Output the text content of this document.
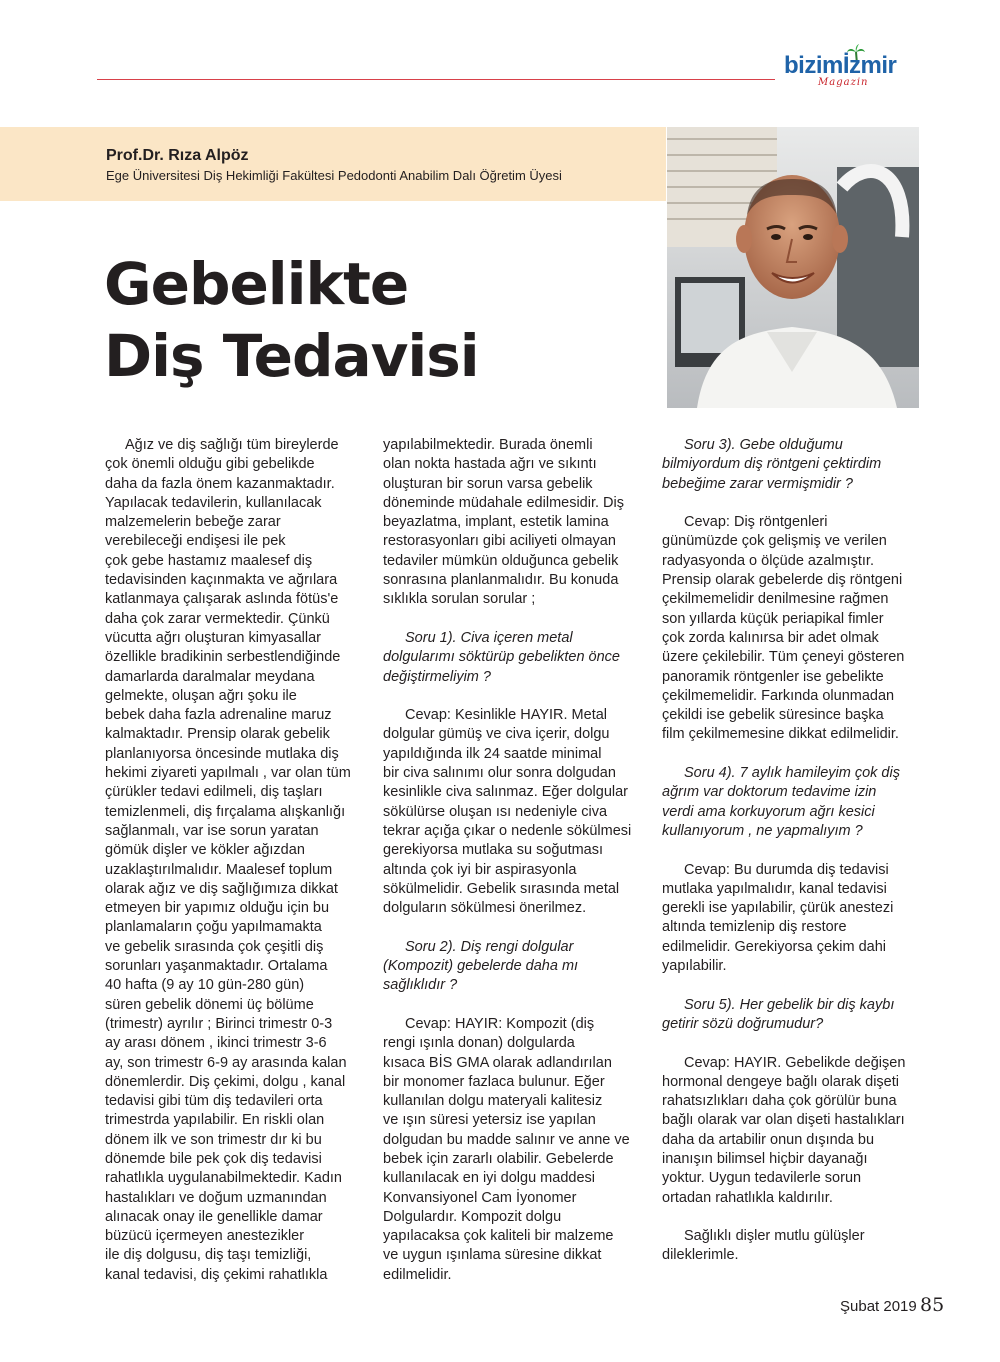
bizimİzmir
Magazin
Prof.Dr. Rıza Alpöz
Ege Üniversitesi Diş Hekimliği Fakültesi Pedodonti Anabilim Dalı Öğretim Üyesi
Gebelikte
Diş Tedavisi

Ağız ve diş sağlığı tüm bireylerde

çok önemli olduğu gibi gebelikde

daha da fazla önem kazanmaktadır.

Yapılacak tedavilerin, kullanılacak

malzemelerin bebeğe zarar

verebileceği endişesi ile pek

çok gebe hastamız maalesef diş

tedavisinden kaçınmakta ve ağrılara

katlanmaya çalışarak aslında fötüs'e

daha çok zarar vermektedir. Çünkü

vücutta ağrı oluşturan kimyasallar

özellikle bradikinin serbestlendiğinde

damarlarda daralmalar meydana

gelmekte, oluşan ağrı şoku ile

bebek daha fazla adrenaline maruz

kalmaktadır. Prensip olarak gebelik

planlanıyorsa öncesinde mutlaka diş

hekimi ziyareti yapılmalı , var olan tüm

çürükler tedavi edilmeli, diş taşları

temizlenmeli, diş fırçalama alışkanlığı

sağlanmalı, var ise sorun yaratan

gömük dişler ve kökler ağızdan

uzaklaştırılmalıdır. Maalesef toplum

olarak ağız ve diş sağlığımıza dikkat

etmeyen bir yapımız olduğu için bu

planlamaların çoğu yapılmamakta

ve gebelik sırasında çok çeşitli diş

sorunları yaşanmaktadır. Ortalama

40 hafta (9 ay 10 gün-280 gün)

süren gebelik dönemi üç bölüme

(trimestr) ayrılır ; Birinci trimestr 0-3

ay arası dönem , ikinci trimestr 3-6

ay, son trimestr 6-9 ay arasında kalan

dönemlerdir. Diş çekimi, dolgu , kanal

tedavisi gibi tüm diş tedavileri orta

trimestrda yapılabilir. En riskli olan

dönem ilk ve son trimestr dır ki bu

dönemde bile pek çok diş tedavisi

rahatlıkla uygulanabilmektedir. Kadın

hastalıkları ve doğum uzmanından

alınacak onay ile genellikle damar

büzücü içermeyen anestezikler

ile diş dolgusu, diş taşı temizliği,

kanal tedavisi, diş çekimi rahatlıkla

yapılabilmektedir. Burada önemli

olan nokta hastada ağrı ve sıkıntı

oluşturan bir sorun varsa gebelik

döneminde müdahale edilmesidir. Diş

beyazlatma, implant, estetik lamina

restorasyonları gibi aciliyeti olmayan

tedaviler mümkün olduğunca gebelik

sonrasına planlanmalıdır. Bu konuda

sıklıkla sorulan sorular ;

Soru 1). Civa içeren metal

dolgularımı söktürüp gebelikten önce

değiştirmeliyim ?

Cevap: Kesinlikle HAYIR. Metal

dolgular gümüş ve civa içerir, dolgu

yapıldığında ilk 24 saatde minimal

bir civa salınımı olur sonra dolgudan

kesinlikle civa salınmaz. Eğer dolgular

sökülürse oluşan ısı nedeniyle civa

tekrar açığa çıkar o nedenle sökülmesi

gerekiyorsa mutlaka su soğutması

altında çok iyi bir aspirasyonla

sökülmelidir. Gebelik sırasında metal

dolguların sökülmesi önerilmez.

Soru 2). Diş rengi dolgular

(Kompozit) gebelerde daha mı

sağlıklıdır ?

Cevap: HAYIR: Kompozit (diş

rengi ışınla donan) dolgularda

kısaca BİS GMA olarak adlandırılan

bir monomer fazlaca bulunur. Eğer

kullanılan dolgu materyali kalitesiz

ve ışın süresi yetersiz ise yapılan

dolgudan bu madde salınır ve anne ve

bebek için zararlı olabilir. Gebelerde

kullanılacak en iyi dolgu maddesi

Konvansiyonel Cam İyonomer

Dolgulardır. Kompozit dolgu

yapılacaksa çok kaliteli bir malzeme

ve uygun ışınlama süresine dikkat

edilmelidir.

Soru 3). Gebe olduğumu

bilmiyordum diş röntgeni çektirdim

bebeğime zarar vermişmidir ?

Cevap: Diş röntgenleri

günümüzde çok gelişmiş ve verilen

radyasyonda o ölçüde azalmıştır.

Prensip olarak gebelerde diş röntgeni

çekilmemelidir denilmesine rağmen

son yıllarda küçük periapikal fimler

çok zorda kalınırsa bir adet olmak

üzere çekilebilir. Tüm çeneyi gösteren

panoramik röntgenler ise gebelikte

çekilmemelidir. Farkında olunmadan

çekildi ise gebelik süresince başka

film çekilmemesine dikkat edilmelidir.

Soru 4). 7 aylık hamileyim çok diş

ağrım var doktorum tedavime izin

verdi ama korkuyorum ağrı kesici

kullanıyorum , ne yapmalıyım ?

Cevap: Bu durumda diş tedavisi

mutlaka yapılmalıdır, kanal tedavisi

gerekli ise yapılabilir, çürük anestezi

altında temizlenip diş restore

edilmelidir. Gerekiyorsa çekim dahi

yapılabilir.

Soru 5). Her gebelik bir diş kaybı

getirir sözü doğrumudur?

Cevap: HAYIR. Gebelikde değişen

hormonal dengeye bağlı olarak dişeti

rahatsızlıkları daha çok görülür buna

bağlı olarak var olan dişeti hastalıkları

daha da artabilir onun dışında bu

inanışın bilimsel hiçbir dayanağı

yoktur. Uygun tedavilerle sorun

ortadan rahatlıkla kaldırılır.

Sağlıklı dişler mutlu gülüşler

dileklerimle.

Şubat 2019 85
